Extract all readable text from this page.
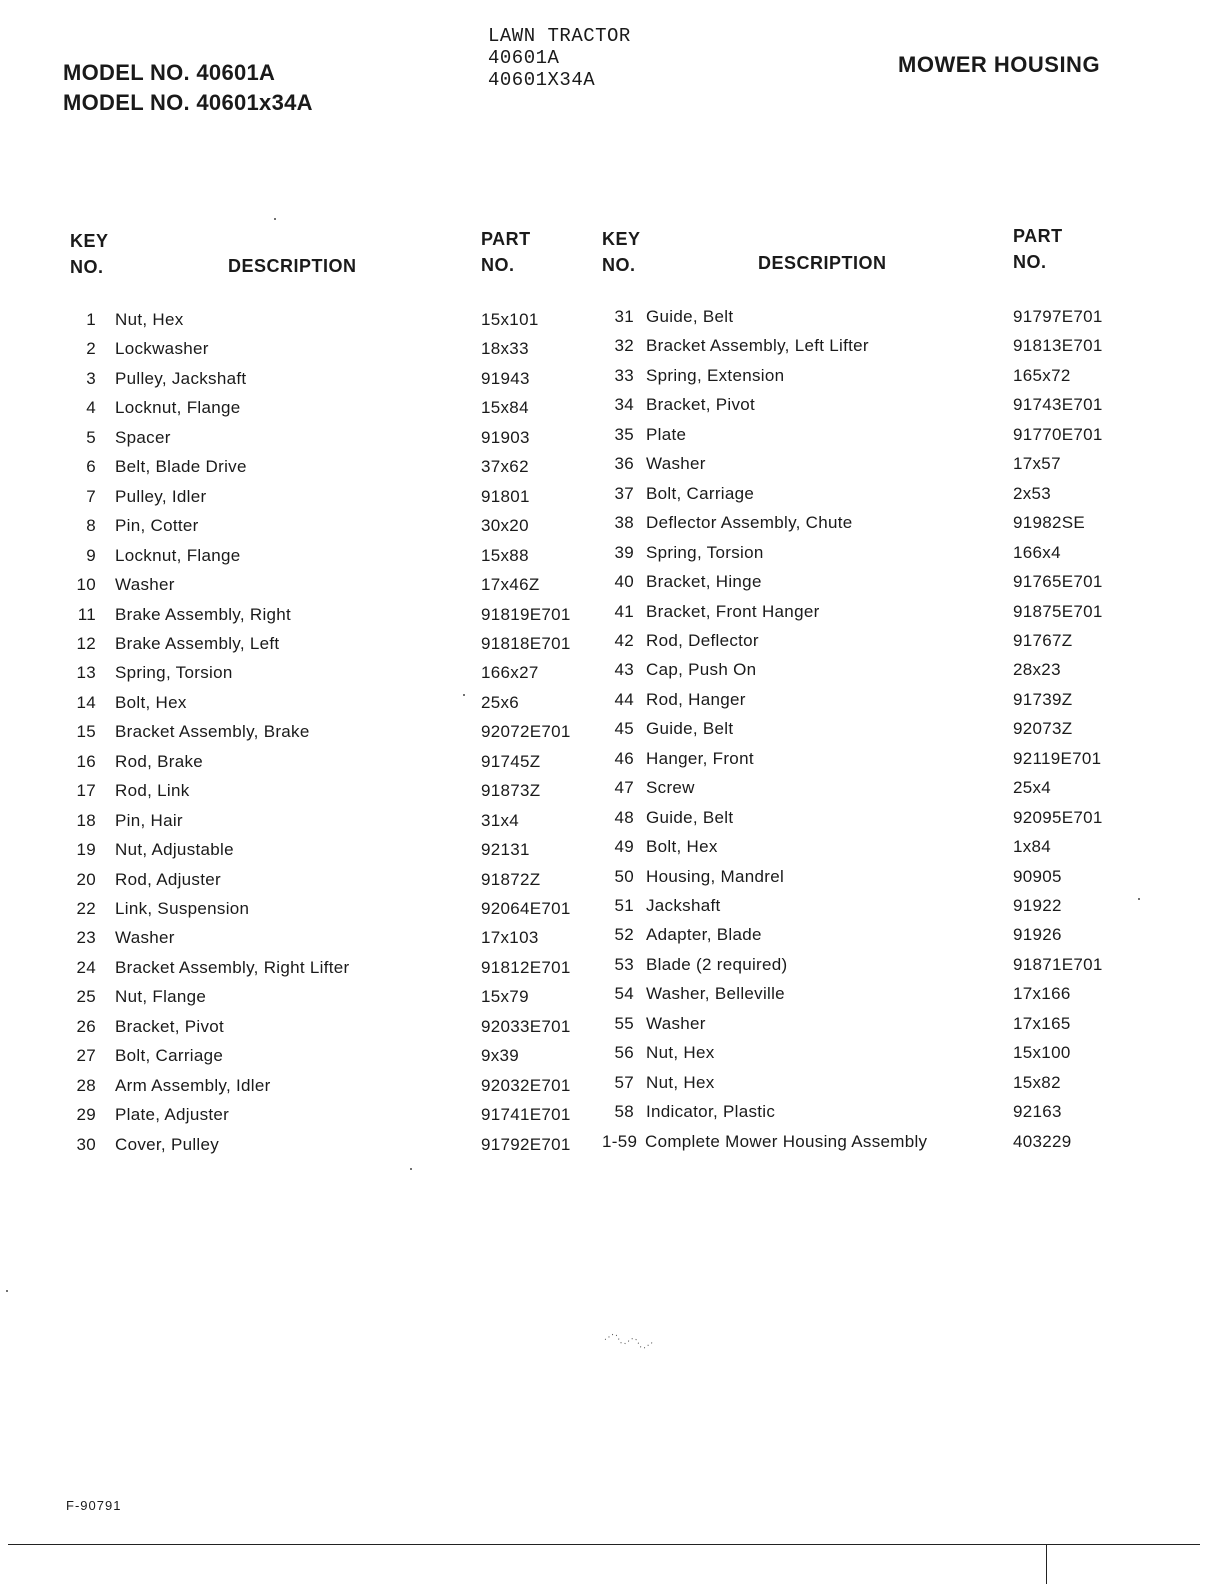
MODEL NO. 40601A
MODEL NO. 40601x34A
LAWN TRACTOR
40601A
40601X34A
MOWER HOUSING
KEY
NO.	DESCRIPTION
PART
NO.
KEY
NO.	DESCRIPTION
PART
NO.
1 Nut, Hex	15x101
2 Lockwasher	18x33
3 Pulley, Jackshaft	91943
4 Locknut, Flange	15x84
5 Spacer	91903
6 Belt, Blade Drive	37x62
7 Pulley, Idler	91801
8 Pin, Cotter	30x20
9 Locknut, Flange	15x88
10 Washer	17x46Z
11 Brake Assembly, Right	91819E701
12 Brake Assembly, Left	91818E701
13 Spring, Torsion	166x27
14 Bolt, Hex	25x6
15 Bracket Assembly, Brake	92072E701
16 Rod, Brake	91745Z
17 Rod, Link	91873Z
18 Pin, Hair	31x4
19 Nut, Adjustable	92131
20 Rod, Adjuster	91872Z
22 Link, Suspension	92064E701
23 Washer	17x103
24 Bracket Assembly, Right Lifter	91812E701
25 Nut, Flange	15x79
26 Bracket, Pivot	92033E701
27 Bolt, Carriage	9x39
28 Arm Assembly, Idler	92032E701
29 Plate, Adjuster	91741E701
30 Cover, Pulley	91792E701
31 Guide, Belt	91797E701
32 Bracket Assembly, Left Lifter	91813E701
33 Spring, Extension	165x72
34 Bracket, Pivot	91743E701
35 Plate	91770E701
36 Washer	17x57
37 Bolt, Carriage	2x53
38 Deflector Assembly, Chute	91982SE
39 Spring, Torsion	166x4
40 Bracket, Hinge	91765E701
41 Bracket, Front Hanger	91875E701
42 Rod, Deflector	91767Z
43 Cap, Push On	28x23
44 Rod, Hanger	91739Z
45 Guide, Belt	92073Z
46 Hanger, Front	92119E701
47 Screw	25x4
48 Guide, Belt	92095E701
49 Bolt, Hex	1x84
50 Housing, Mandrel	90905
51 Jackshaft	91922
52 Adapter, Blade	91926
53 Blade (2 required)	91871E701
54 Washer, Belleville	17x166
55 Washer	17x165
56 Nut, Hex	15x100
57 Nut, Hex	15x82
58 Indicator, Plastic	92163
1-59 Complete Mower Housing Assembly	403229
F-90791
⋰⋱⋰⋱⋰
